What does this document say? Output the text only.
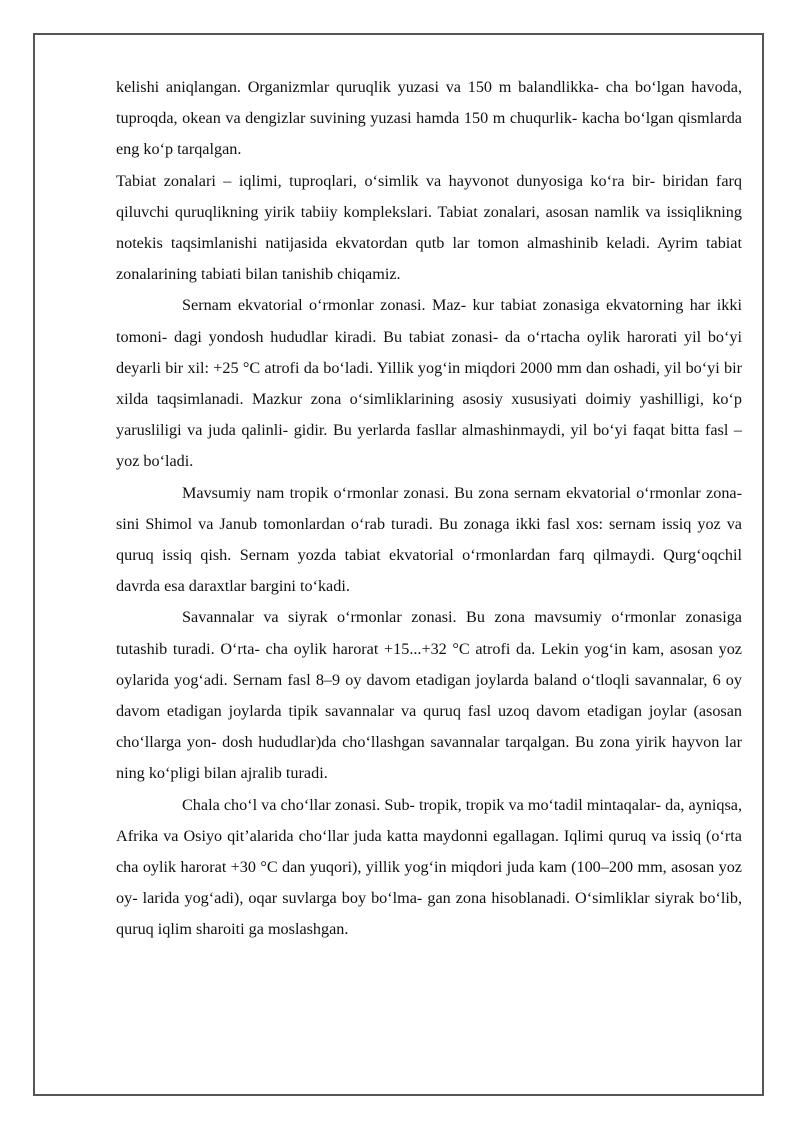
kelishi aniqlangan. Organizmlar quruqlik yuzasi va 150 m balandlikka- cha bo‘lgan havoda, tuproqda, okean va dengizlar suvining yuzasi hamda 150 m chuqurlik- kacha bo‘lgan qismlarda eng ko‘p tarqalgan.

Tabiat zonalari – iqlimi, tuproqlari, o‘simlik va hayvonot dunyosiga ko‘ra bir- biridan farq qiluvchi quruqlikning yirik tabiiy komplekslari. Tabiat zonalari, asosan namlik va issiqlikning notekis taqsimlanishi natijasida ekvatordan qutb lar tomon almashinib keladi. Ayrim tabiat zonalarining tabiati bilan tanishib chiqamiz.

Sernam ekvatorial o‘rmonlar zonasi. Maz- kur tabiat zonasiga ekvatorning har ikki tomoni- dagi yondosh hududlar kiradi. Bu tabiat zonasi- da o‘rtacha oylik harorati yil bo‘yi deyarli bir xil: +25 °C atrofi da bo‘ladi. Yillik yog‘in miqdori 2000 mm dan oshadi, yil bo‘yi bir xilda taqsimlanadi. Mazkur zona o‘simliklarining asosiy xususiyati doimiy yashilligi, ko‘p yarusliligi va juda qalinli- gidir. Bu yerlarda fasllar almashinmaydi, yil bo‘yi faqat bitta fasl – yoz bo‘ladi.

Mavsumiy nam tropik o‘rmonlar zonasi. Bu zona sernam ekvatorial o‘rmonlar zona- sini Shimol va Janub tomonlardan o‘rab turadi. Bu zonaga ikki fasl xos: sernam issiq yoz va quruq issiq qish. Sernam yozda tabiat ekvatorial o‘rmonlardan farq qilmaydi. Qurg‘oqchil davrda esa daraxtlar bargini to‘kadi.

Savannalar va siyrak o‘rmonlar zonasi. Bu zona mavsumiy o‘rmonlar zonasiga tutashib turadi. O‘rta- cha oylik harorat +15...+32 °C atrofi da. Lekin yog‘in kam, asosan yoz oylarida yog‘adi. Sernam fasl 8–9 oy davom etadigan joylarda baland o‘tloqli savannalar, 6 oy davom etadigan joylarda tipik savannalar va quruq fasl uzoq davom etadigan joylar (asosan cho‘llarga yon- dosh hududlar)da cho‘llashgan savannalar tarqalgan. Bu zona yirik hayvon lar ning ko‘pligi bilan ajralib turadi.

Chala cho‘l va cho‘llar zonasi. Sub- tropik, tropik va mo‘tadil mintaqalar- da, ayniqsa, Afrika va Osiyo qit’alarida cho‘llar juda katta maydonni egallagan. Iqlimi quruq va issiq (o‘rta cha oylik harorat +30 °C dan yuqori), yillik yog‘in miqdori juda kam (100–200 mm, asosan yoz oy- larida yog‘adi), oqar suvlarga boy bo‘lma- gan zona hisoblanadi. O‘simliklar siyrak bo‘lib, quruq iqlim sharoiti ga moslashgan.
